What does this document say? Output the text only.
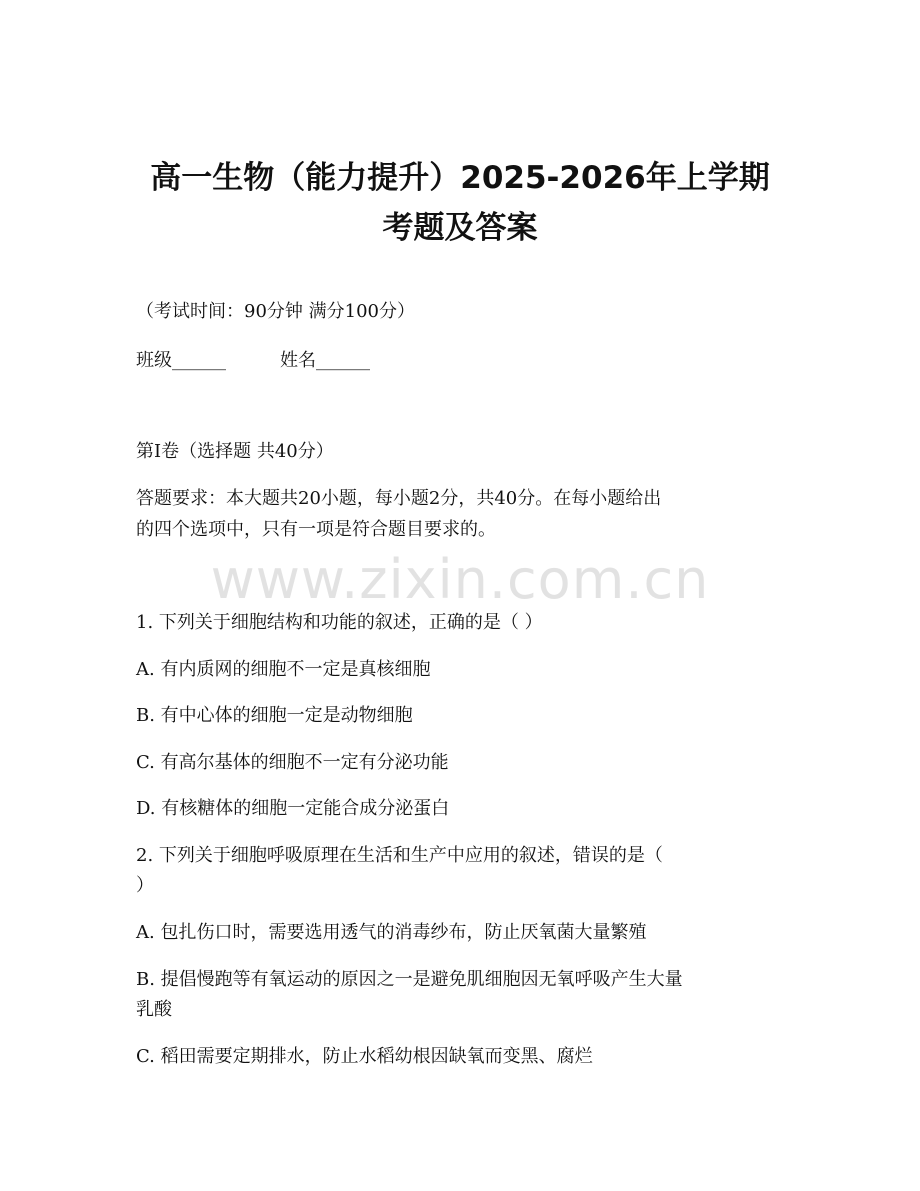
高一生物（能力提升）2025-2026年上学期
考题及答案

（考试时间：90分钟 满分100分）

班级______	姓名______

第I卷（选择题 共40分）

答题要求：本大题共20小题，每小题2分，共40分。在每小题给出

的四个选项中，只有一项是符合题目要求的。

www.zixin.com.cn

1. 下列关于细胞结构和功能的叙述，正确的是（ ）

A. 有内质网的细胞不一定是真核细胞

B. 有中心体的细胞一定是动物细胞

C. 有高尔基体的细胞不一定有分泌功能

D. 有核糖体的细胞一定能合成分泌蛋白

2. 下列关于细胞呼吸原理在生活和生产中应用的叙述，错误的是（

）

A. 包扎伤口时，需要选用透气的消毒纱布，防止厌氧菌大量繁殖

B. 提倡慢跑等有氧运动的原因之一是避免肌细胞因无氧呼吸产生大量

乳酸

C. 稻田需要定期排水，防止水稻幼根因缺氧而变黑、腐烂
